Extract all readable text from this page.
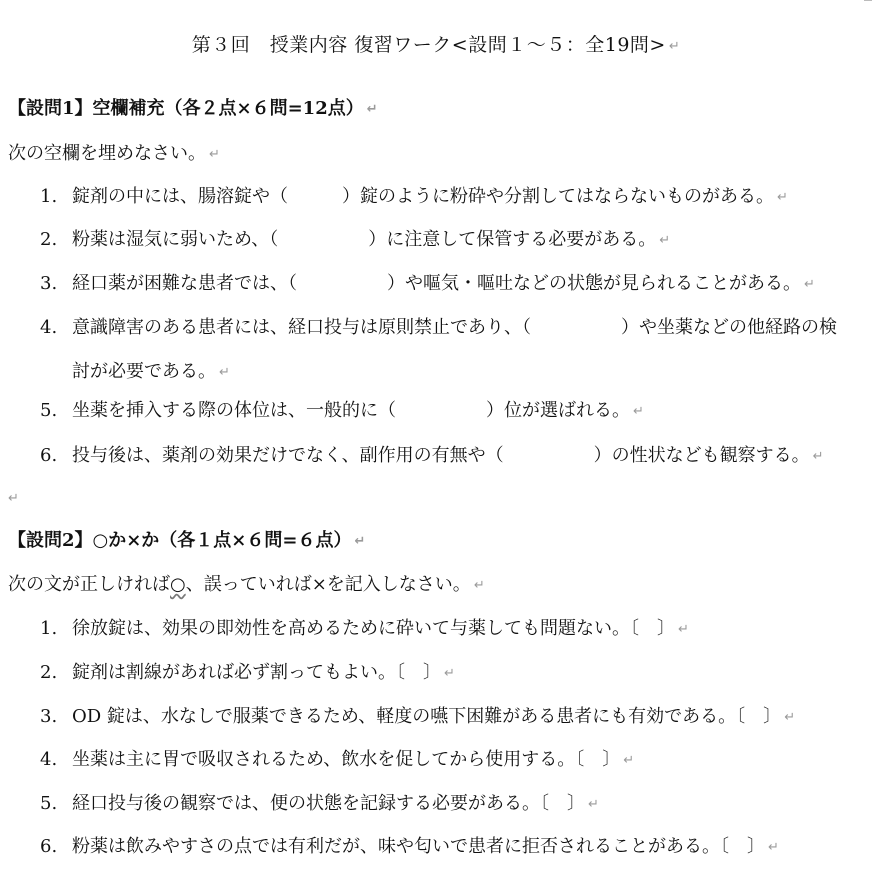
第３回　授業内容 復習ワーク<設問１～５：全19問> ↵
【設問1】空欄補充（各２点×６問=12点） ↵
次の空欄を埋めなさい。 ↵
1. 錠剤の中には、腸溶錠や（　　　）錠のように粉砕や分割してはならないものがある。 ↵
2. 粉薬は湿気に弱いため、（　　　　　）に注意して保管する必要がある。 ↵
3. 経口薬が困難な患者では、（　　　　　）や嘔気・嘔吐などの状態が見られることがある。 ↵
4. 意識障害のある患者には、経口投与は原則禁止であり、（　　　　　）や坐薬などの他経路の検
討が必要である。 ↵
5. 坐薬を挿入する際の体位は、一般的に（　　　　　）位が選ばれる。 ↵
6. 投与後は、薬剤の効果だけでなく、副作用の有無や（　　　　　）の性状なども観察する。 ↵
↵
【設問2】○か×か（各１点×６問=６点） ↵
次の文が正しければ○、誤っていれば×を記入しなさい。 ↵
1. 徐放錠は、効果の即効性を高めるために砕いて与薬しても問題ない。〔　〕 ↵
2. 錠剤は割線があれば必ず割ってもよい。〔　〕 ↵
3. OD 錠は、水なしで服薬できるため、軽度の嚥下困難がある患者にも有効である。〔　〕 ↵
4. 坐薬は主に胃で吸収されるため、飲水を促してから使用する。〔　〕 ↵
5. 経口投与後の観察では、便の状態を記録する必要がある。〔　〕 ↵
6. 粉薬は飲みやすさの点では有利だが、味や匂いで患者に拒否されることがある。〔　〕 ↵
